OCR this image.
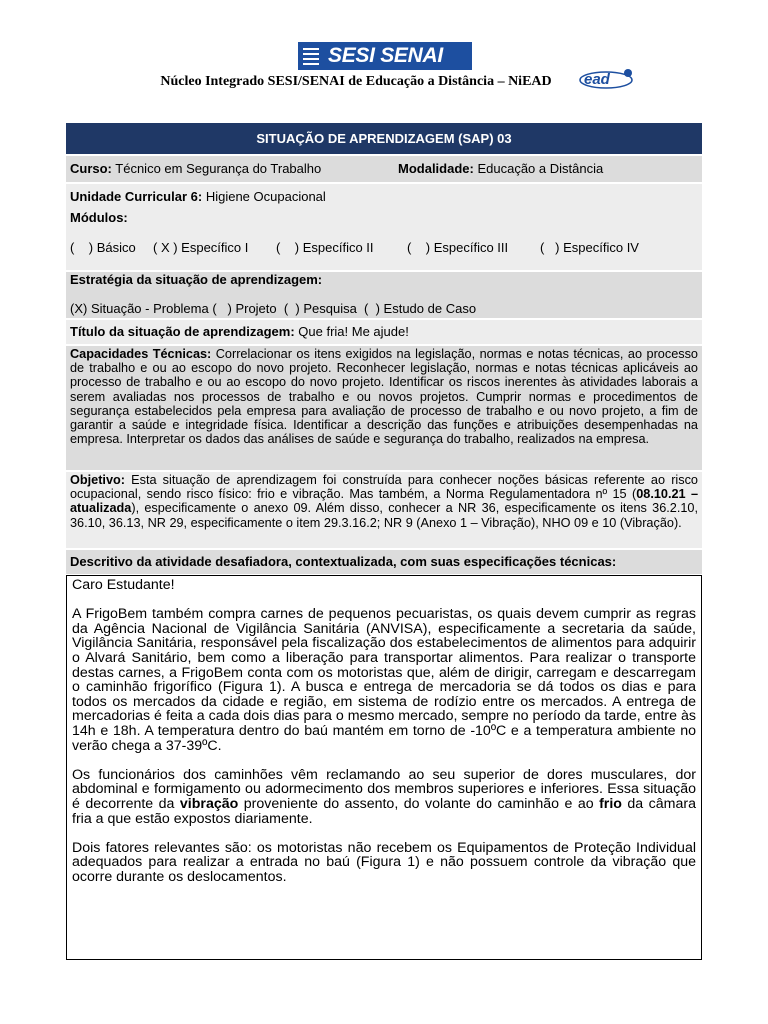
SESI SENAI
Núcleo Integrado SESI/SENAI de Educação a Distância – NiEAD	ead
SITUAÇÃO DE APRENDIZAGEM (SAP) 03
Curso: Técnico em Segurança do Trabalho	Modalidade: Educação a Distância
Unidade Curricular 6: Higiene Ocupacional
Módulos:
(    ) Básico ( X ) Específico I (    ) Específico II	(    ) Específico III (   ) Específico IV
Estratégia da situação de aprendizagem:
(X) Situação - Problema (   ) Projeto  (  ) Pesquisa  (  ) Estudo de Caso
Título da situação de aprendizagem: Que fria! Me ajude!
Capacidades Técnicas: Correlacionar os itens exigidos na legislação, normas e notas técnicas, ao processo de trabalho e ou ao escopo do novo projeto. Reconhecer legislação, normas e notas técnicas aplicáveis ao processo de trabalho e ou ao escopo do novo projeto. Identificar os riscos inerentes às atividades laborais a serem avaliadas nos processos de trabalho e ou novos projetos. Cumprir normas e procedimentos de segurança estabelecidos pela empresa para avaliação de processo de trabalho e ou novo projeto, a fim de garantir a saúde e integridade física. Identificar a descrição das funções e atribuições desempenhadas na empresa. Interpretar os dados das análises de saúde e segurança do trabalho, realizados na empresa.
Objetivo: Esta situação de aprendizagem foi construída para conhecer noções básicas referente ao risco ocupacional, sendo risco físico: frio e vibração. Mas também, a Norma Regulamentadora nº 15 (08.10.21 – atualizada), especificamente o anexo 09. Além disso, conhecer a NR 36, especificamente os itens 36.2.10, 36.10, 36.13, NR 29, especificamente o item 29.3.16.2; NR 9 (Anexo 1 – Vibração), NHO 09 e 10 (Vibração).
Descritivo da atividade desafiadora, contextualizada, com suas especificações técnicas:

Caro Estudante!

A FrigoBem também compra carnes de pequenos pecuaristas, os quais devem cumprir as regras da Agência Nacional de Vigilância Sanitária (ANVISA), especificamente a secretaria da saúde, Vigilância Sanitária, responsável pela fiscalização dos estabelecimentos de alimentos para adquirir o Alvará Sanitário, bem como a liberação para transportar alimentos. Para realizar o transporte destas carnes, a FrigoBem conta com os motoristas que, além de dirigir, carregam e descarregam o caminhão frigorífico (Figura 1). A busca e entrega de mercadoria se dá todos os dias e para todos os mercados da cidade e região, em sistema de rodízio entre os mercados. A entrega de mercadorias é feita a cada dois dias para o mesmo mercado, sempre no período da tarde, entre às 14h e 18h. A temperatura dentro do baú mantém em torno de -10ºC e a temperatura ambiente no verão chega a 37-39ºC.

Os funcionários dos caminhões vêm reclamando ao seu superior de dores musculares, dor abdominal e formigamento ou adormecimento dos membros superiores e inferiores. Essa situação é decorrente da vibração proveniente do assento, do volante do caminhão e ao frio da câmara fria a que estão expostos diariamente.

Dois fatores relevantes são: os motoristas não recebem os Equipamentos de Proteção Individual adequados para realizar a entrada no baú (Figura 1) e não possuem controle da vibração que ocorre durante os deslocamentos.
